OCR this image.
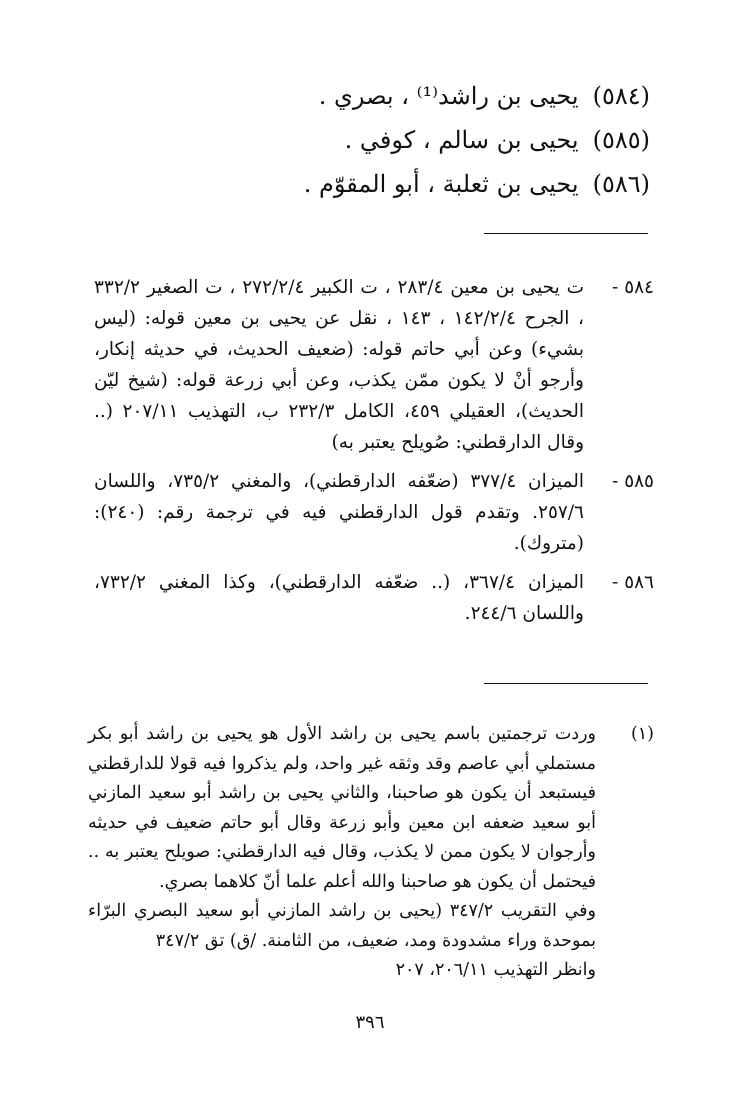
(٥٨٤)يحيى بن راشد⁽¹⁾ ، بصري .
(٥٨٥)يحيى بن سالم ، كوفي .
(٥٨٦)يحيى بن ثعلبة ، أبو المقوّم .
٥٨٤ -
ت يحيى بن معين ٢٨٣/٤ ، ت الكبير ٢٧٢/٢/٤ ، ت الصغير ٣٣٢/٢ ، الجرح ١٤٢/٢/٤ ، ١٤٣ ، نقل عن يحيى بن معين قوله: (ليس بشيء) وعن أبي حاتم قوله: (ضعيف الحديث، في حديثه إنكار، وأرجو أنْ لا يكون ممّن يكذب، وعن أبي زرعة قوله: (شيخ ليّن الحديث)، العقيلي ٤٥٩، الكامل ٢٣٢/٣ ب، التهذيب ٢٠٧/١١ (.. وقال الدارقطني: صُويلح يعتبر به)
٥٨٥ -
الميزان ٣٧٧/٤ (ضعّفه الدارقطني)، والمغني ٧٣٥/٢، واللسان ٢٥٧/٦. وتقدم قول الدارقطني فيه في ترجمة رقم: (٢٤٠): (متروك).
٥٨٦ -
الميزان ٣٦٧/٤، (.. ضعّفه الدارقطني)، وكذا المغني ٧٣٢/٢، واللسان ٢٤٤/٦.
(١)
وردت ترجمتين باسم يحيى بن راشد الأول هو يحيى بن راشد أبو بكر مستملي أبي عاصم وقد وثقه غير واحد، ولم يذكروا فيه قولا للدارقطني فيستبعد أن يكون هو صاحبنا، والثاني يحيى بن راشد أبو سعيد المازني أبو سعيد ضعفه ابن معين وأبو زرعة وقال أبو حاتم ضعيف في حديثه وأرجوان لا يكون ممن لا يكذب، وقال فيه الدارقطني: صويلح يعتبر به .. فيحتمل أن يكون هو صاحبنا والله أعلم علما أنّ كلاهما بصري.
وفي التقريب ٣٤٧/٢ (يحيى بن راشد المازني أبو سعيد البصري البرّاء بموحدة وراء مشدودة ومد، ضعيف، من الثامنة. /ق) تق ٣٤٧/٢
وانظر التهذيب ٢٠٦/١١، ٢٠٧
٣٩٦
